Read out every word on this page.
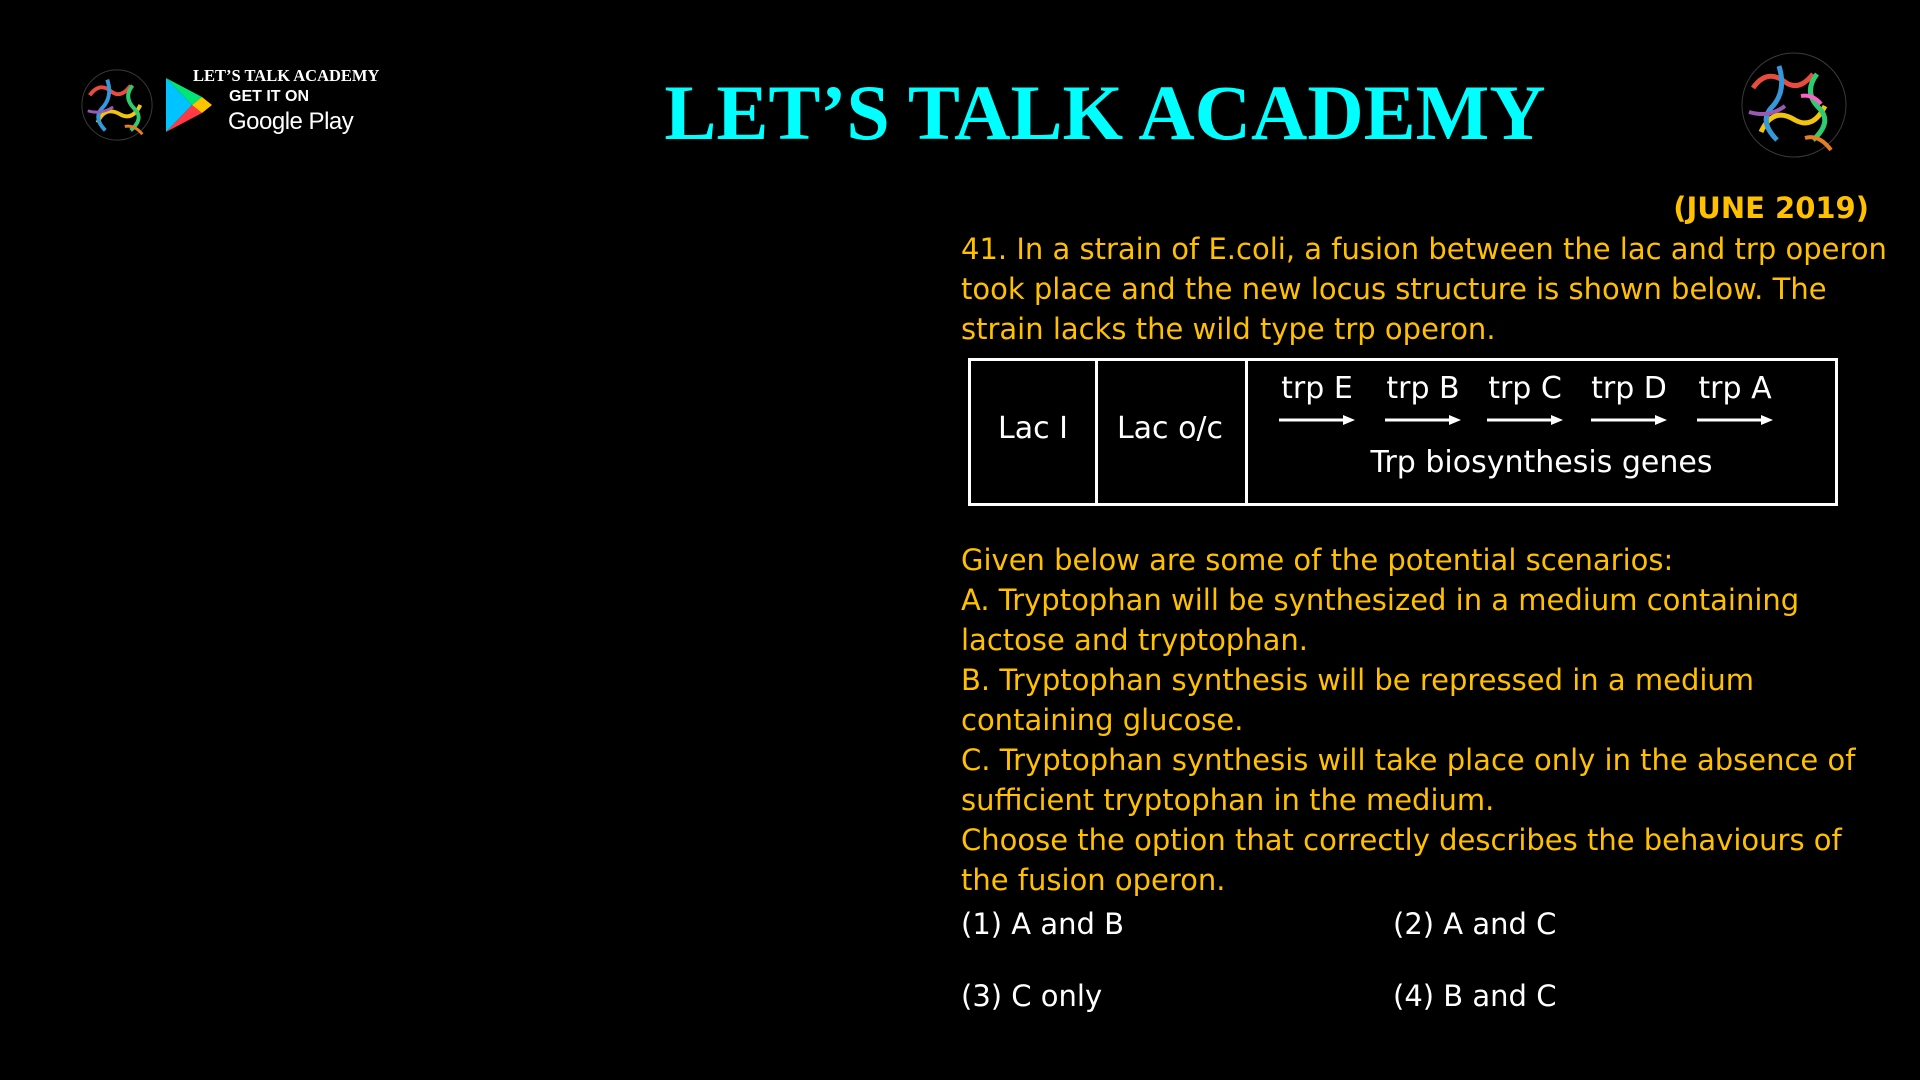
LET’S TALK ACADEMY
GET IT ON
Google Play	LET’S TALK ACADEMY
(JUNE 2019)

41. In a strain of E.coli, a fusion between the lac and trp operon took place and the new locus structure is shown below. The strain lacks the wild type trp operon.

Lac I	Lac o/c
trp E	trp B trp C trp D trp A
Trp biosynthesis genes

Given below are some of the potential scenarios:

A. Tryptophan will be synthesized in a medium containing lactose and tryptophan.

B. Tryptophan synthesis will be repressed in a medium containing glucose.

C. Tryptophan synthesis will take place only in the absence of sufficient tryptophan in the medium.

Choose the option that correctly describes the behaviours of the fusion operon.

(1) A and B	(2) A and C
(3) C only	(4) B and C
